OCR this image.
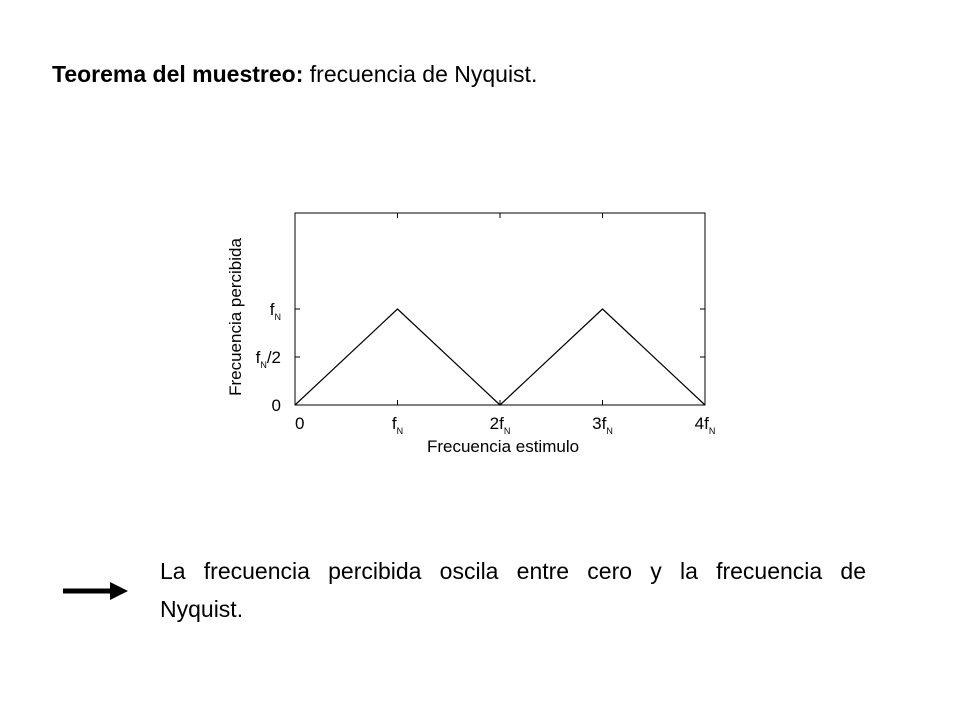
Teorema del muestreo: frecuencia de Nyquist.
0	$f_N$	$2f_N$	$3f_N$	$4f_N$
0
$f_N/2$
$f_N$
Frecuencia estimulo
Frecuencia percibida
La frecuencia percibida oscila entre cero y la frecuencia de Nyquist.
